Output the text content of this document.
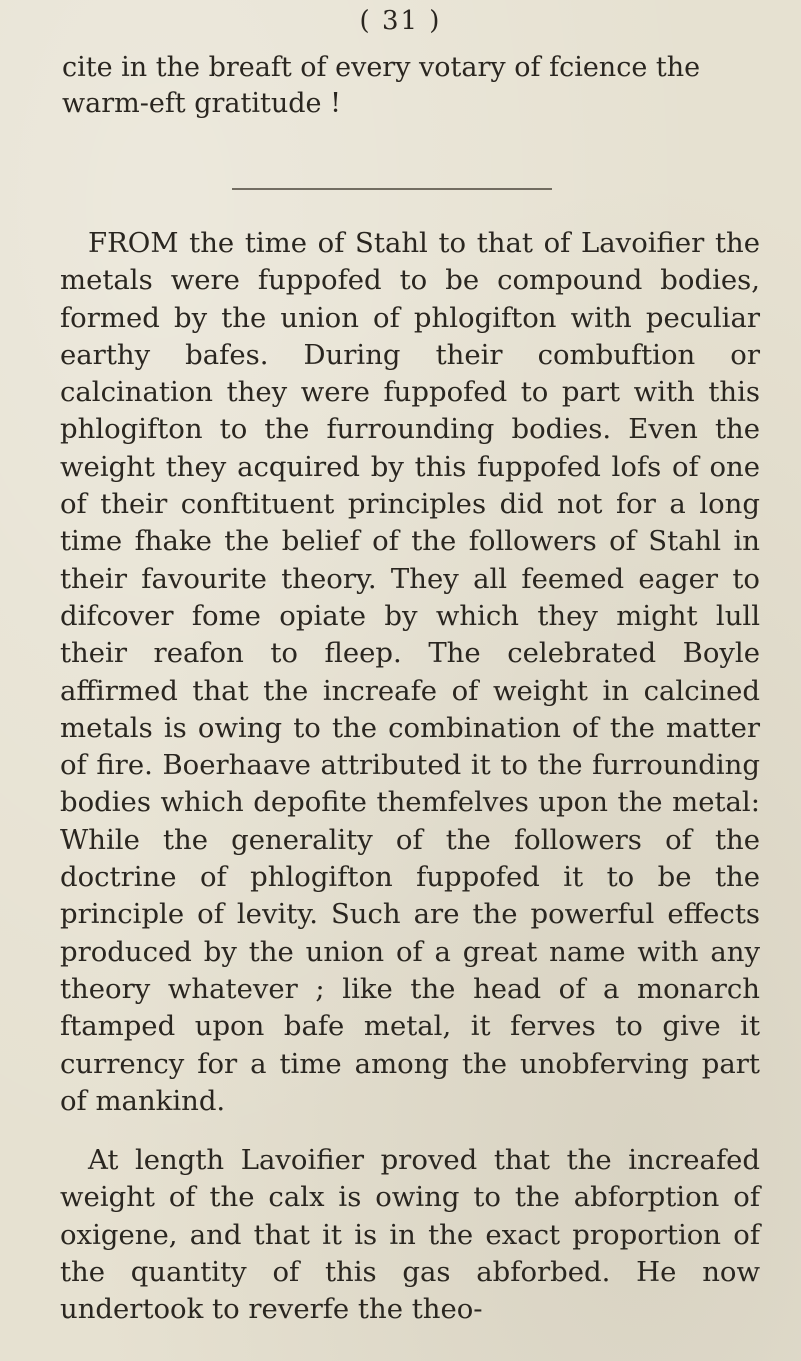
( 31 )
cite in the breaft of every votary of fcience the warm-eft gratitude !

FROM the time of Stahl to that of Lavoifier the metals were fuppofed to be compound bodies, formed by the union of phlogifton with peculiar earthy bafes. During their combuftion or calcination they were fuppofed to part with this phlogifton to the furrounding bodies. Even the weight they acquired by this fuppofed lofs of one of their conftituent principles did not for a long time fhake the belief of the followers of Stahl in their favourite theory. They all feemed eager to difcover fome opiate by which they might lull their reafon to fleep. The celebrated Boyle affirmed that the increafe of weight in calcined metals is owing to the combination of the matter of fire. Boerhaave attributed it to the furrounding bodies which depofite themfelves upon the metal: While the generality of the followers of the doctrine of phlogifton fuppofed it to be the principle of levity. Such are the powerful effects produced by the union of a great name with any theory whatever ; like the head of a monarch ftamped upon bafe metal, it ferves to give it currency for a time among the unobferving part of mankind.

At length Lavoifier proved that the increafed weight of the calx is owing to the abforption of oxigene, and that it is in the exact proportion of the quantity of this gas abforbed. He now undertook to reverfe the theo-
